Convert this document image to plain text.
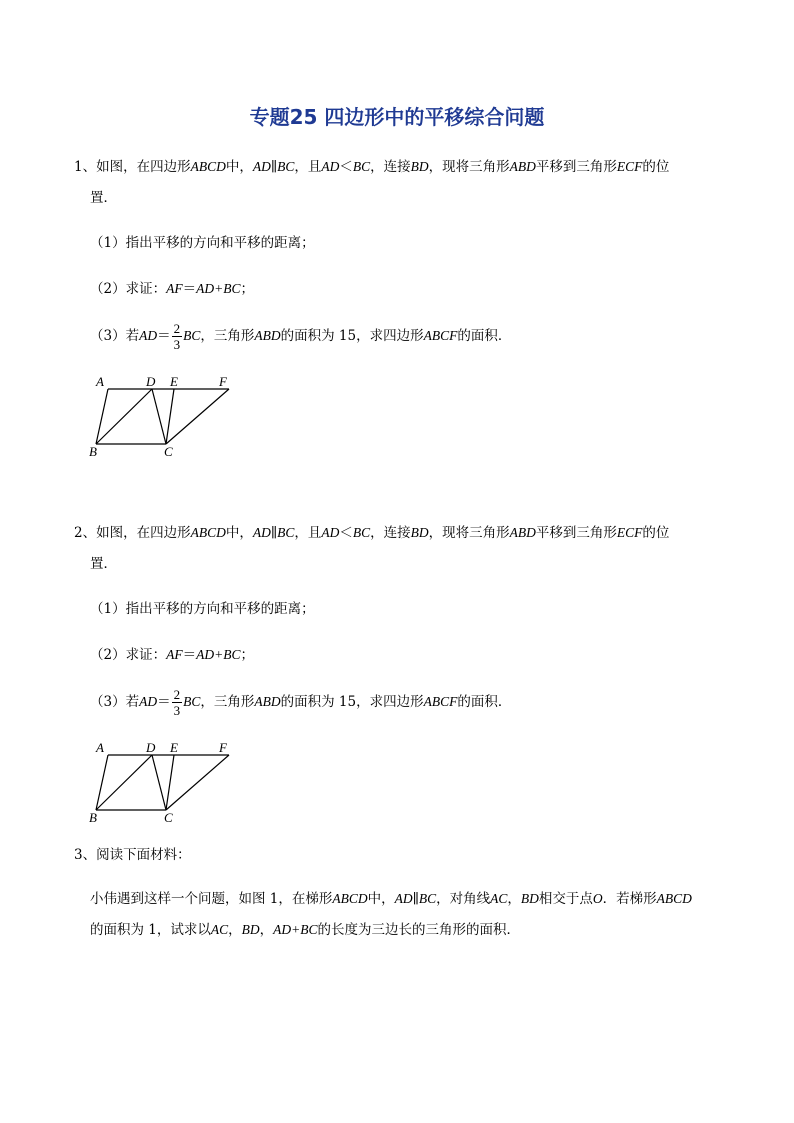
专题25 四边形中的平移综合问题
1、如图，在四边形ABCD中，AD∥BC，且AD＜BC，连接BD，现将三角形ABD平移到三角形ECF的位
置．
（1）指出平移的方向和平移的距离；
（2）求证：AF＝AD+BC；
（3）若$AD= \frac{2}{3}$ BC，三角形ABD的面积为 15，求四边形ABCF的面积．
A	D E	F
B	C
2、如图，在四边形ABCD中，AD∥BC，且AD＜BC，连接BD，现将三角形ABD平移到三角形ECF的位
置．
（1）指出平移的方向和平移的距离；
（2）求证：AF＝AD+BC；
（3）若$AD= \frac{2}{3}$ BC，三角形ABD的面积为 15，求四边形ABCF的面积．
A	D E	F
B	C
3、阅读下面材料：
小伟遇到这样一个问题，如图 1，在梯形ABCD中，AD∥BC，对角线AC，BD相交于点O．若梯形ABCD
的面积为 1，试求以AC，BD，AD+BC的长度为三边长的三角形的面积．
